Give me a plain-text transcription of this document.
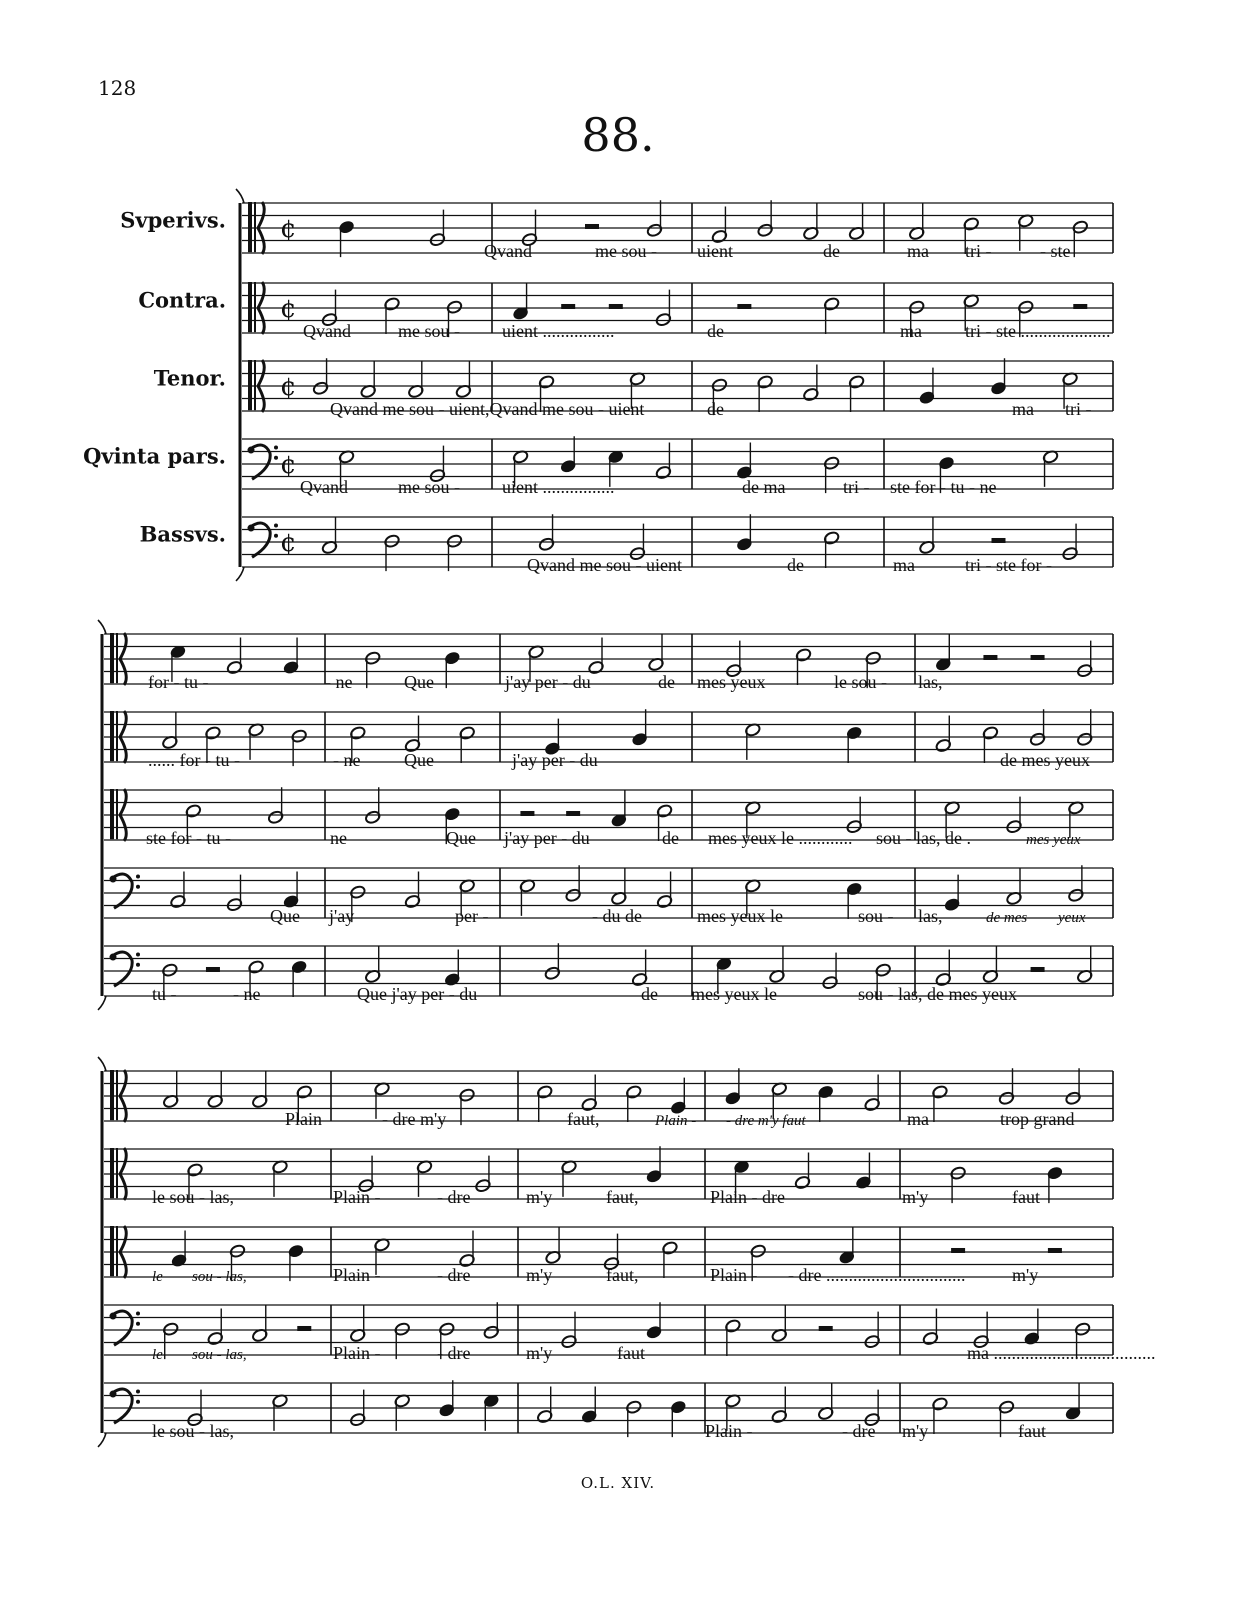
128
88.
O.L. XIV.
¢
¢
¢
¢
¢
Svperivs.
Contra.
Tenor.
Qvinta pars.
Bassvs.
Qvand	me sou - uient	de	ma tri -	- ste
Qvand	me sou - uient ................	de	ma tri - ste ....................
Qvand me sou - uient,Qvand me sou - uient	de	ma tri -
Qvand	me sou - uient ................	de ma	tri - ste for - tu - ne
Qvand me sou - uient	de	ma	tri - ste for -
for - tu -	- ne	Que	j'ay per - du	de mes yeux	le sou - las,
...... for - tu -	- ne Que	j'ay per - du	de mes yeux
ste for - tu -	ne	Que j'ay per - du	de mes yeux le ............ sou - las, de .	mes yeux
Que j'ay	per -	- du de	mes yeux le	sou - las,	de mes yeux
tu -	- ne	Que j'ay per - du	de mes yeux le	sou - las, de mes yeux
Plain	- dre m'y	faut,	Plain - - dre m'y faut	ma	trop grand
le sou - las,	Plain -	- dre	m'y	faut,	Plain - dre	m'y	faut
le sou - las,	Plain -	- dre	m'y	faut,	Plain - - dre ...............................	m'y
le sou - las,	Plain -	- dre	m'y	faut	ma ....................................
le sou - las,	Plain -	- dre m'y	faut
